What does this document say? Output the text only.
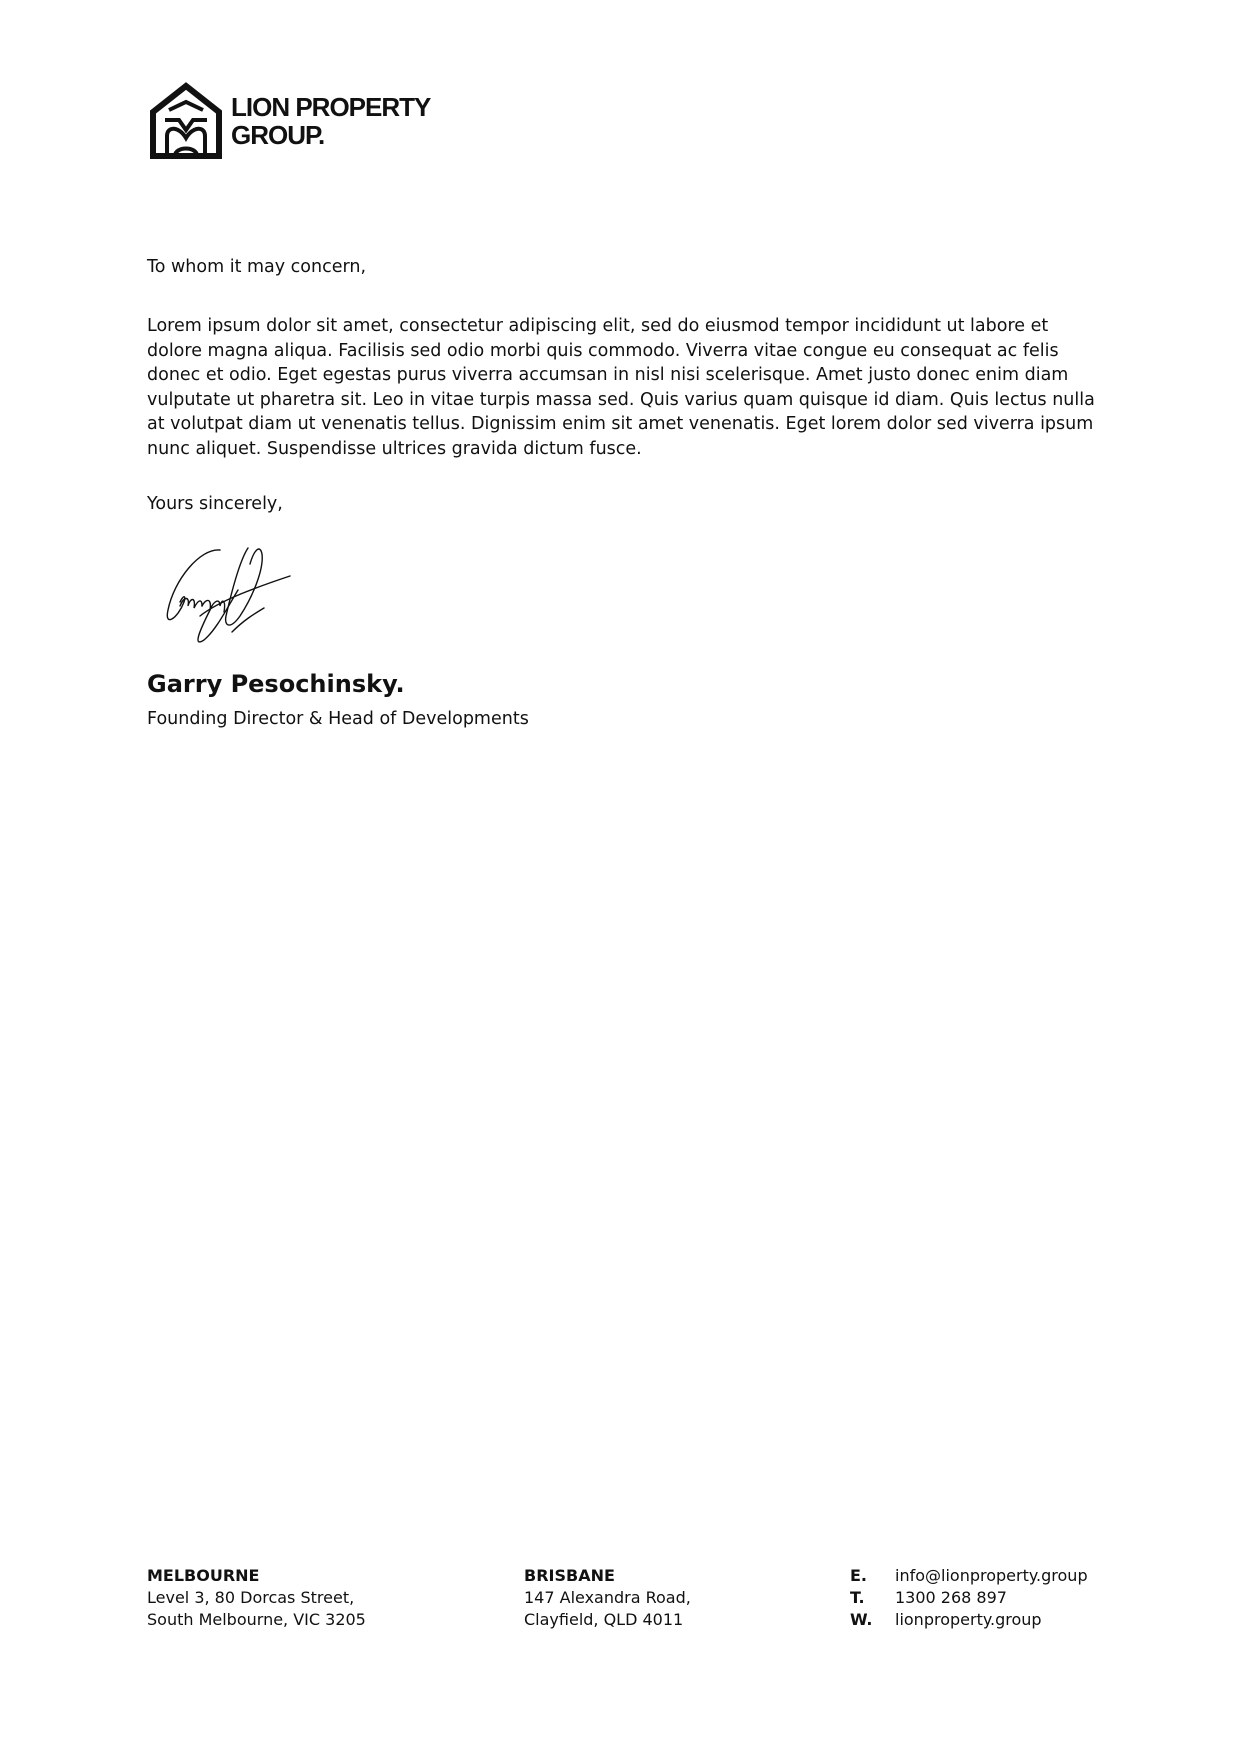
LION PROPERTY
GROUP.
To whom it may concern,
Lorem ipsum dolor sit amet, consectetur adipiscing elit, sed do eiusmod tempor incididunt ut labore et dolore magna aliqua. Facilisis sed odio morbi quis commodo. Viverra vitae congue eu consequat ac felis donec et odio. Eget egestas purus viverra accumsan in nisl nisi scelerisque. Amet justo donec enim diam vulputate ut pharetra sit. Leo in vitae turpis massa sed. Quis varius quam quisque id diam. Quis lectus nulla at volutpat diam ut venenatis tellus. Dignissim enim sit amet venenatis. Eget lorem dolor sed viverra ipsum nunc aliquet. Suspendisse ultrices gravida dictum fusce.
Yours sincerely,
Garry Pesochinsky.
Founding Director & Head of Developments
MELBOURNE
Level 3, 80 Dorcas Street,
South Melbourne, VIC 3205
BRISBANE
147 Alexandra Road,
Clayfield, QLD 4011
E.	info@lionproperty.group
T.	1300 268 897
W.	lionproperty.group
